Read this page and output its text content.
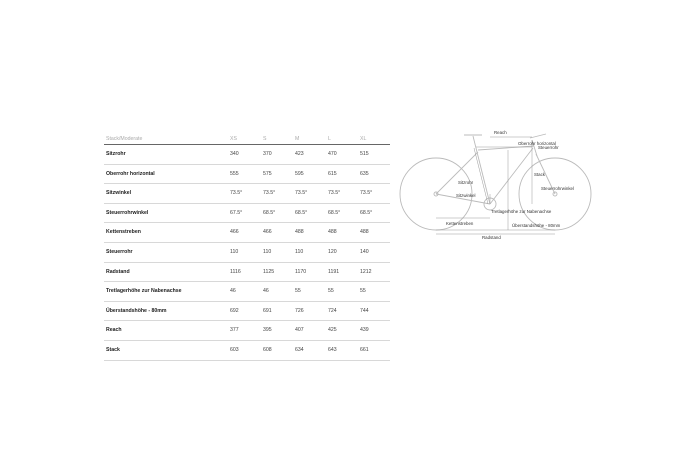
Stack/Moderate	XS	S	M	L	XL
Sitzrohr	340	370	423	470	515
Oberrohr horizontal	555	575	595	615	635
Sitzwinkel	73.5°	73.5°	73.5°	73.5°	73.5°
Steuerrohrwinkel	67.5°	68.5°	68.5°	68.5°	68.5°
Kettenstreben	466	466	488	488	488
Steuerrohr	110	110	110	120	140
Radstand	1116	1125	1170	1191	1212
Tretlagerhöhe zur Nabenachse	46	46	55	55	55
Überstandshöhe - 80mm	692	691	726	724	744
Reach	377	395	407	425	439
Stack	603	608	634	643	661
Reach
Oberrohr horizontal
Steuerrohr
Stack
Steuerrohrwinkel
Sitzrohr
Sitzwinkel
Tretlagerhöhe zur Nabenachse
Kettenstreben	Überstandshöhe - 80mm
Radstand
